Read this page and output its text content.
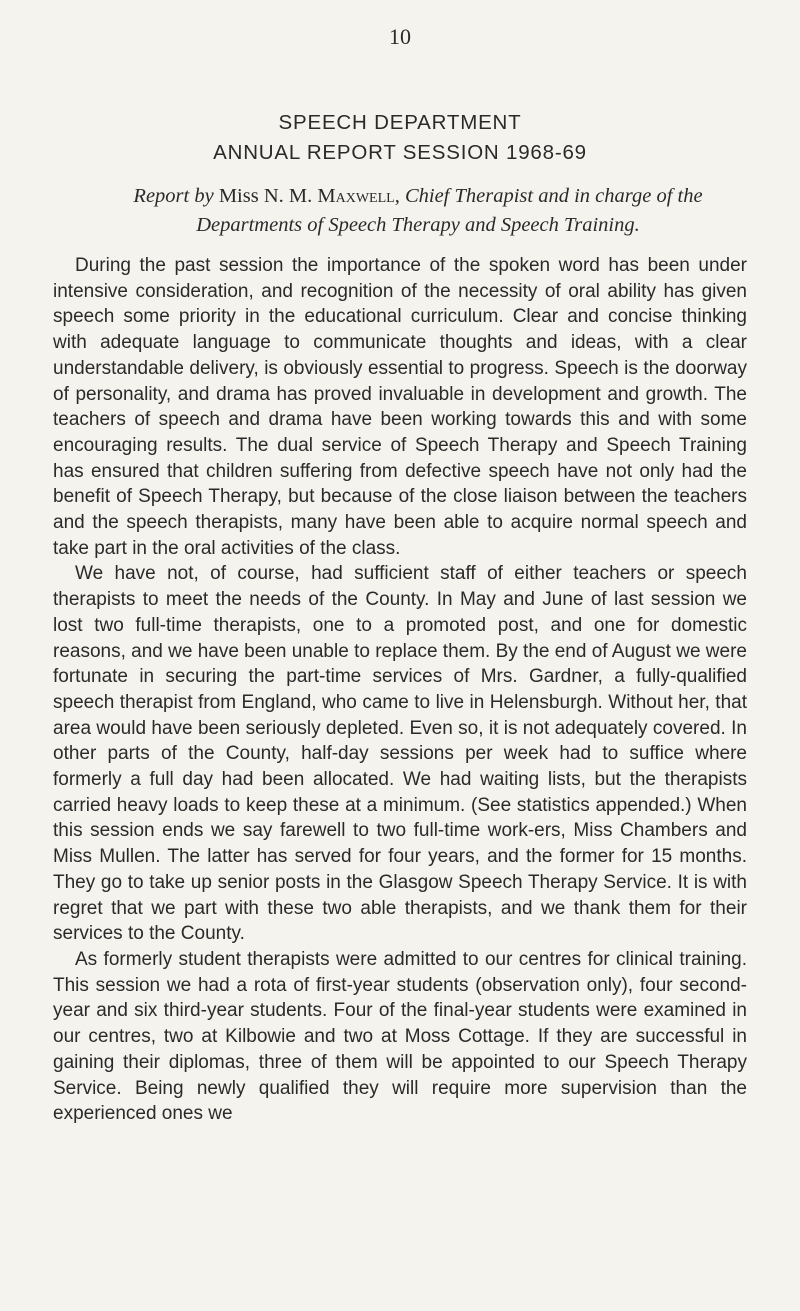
10
SPEECH DEPARTMENT
ANNUAL REPORT SESSION 1968-69
Report by Miss N. M. Maxwell, Chief Therapist and in charge of the
Departments of Speech Therapy and Speech Training.

During the past session the importance of the spoken word has been under intensive consideration, and recognition of the necessity of oral ability has given speech some priority in the educational curriculum. Clear and concise thinking with adequate language to communicate thoughts and ideas, with a clear understandable delivery, is obviously essential to progress. Speech is the doorway of personality, and drama has proved invaluable in development and growth. The teachers of speech and drama have been working towards this and with some encouraging results. The dual service of Speech Therapy and Speech Training has ensured that children suffering from defective speech have not only had the benefit of Speech Therapy, but because of the close liaison between the teachers and the speech therapists, many have been able to acquire normal speech and take part in the oral activities of the class.

We have not, of course, had sufficient staff of either teachers or speech therapists to meet the needs of the County. In May and June of last session we lost two full-time therapists, one to a promoted post, and one for domestic reasons, and we have been unable to replace them. By the end of August we were fortunate in securing the part-time services of Mrs. Gardner, a fully-qualified speech therapist from England, who came to live in Helensburgh. Without her, that area would have been seriously depleted. Even so, it is not adequately covered. In other parts of the County, half-day sessions per week had to suffice where formerly a full day had been allocated. We had waiting lists, but the therapists carried heavy loads to keep these at a minimum. (See statistics appended.) When this session ends we say farewell to two full-time work-ers, Miss Chambers and Miss Mullen. The latter has served for four years, and the former for 15 months. They go to take up senior posts in the Glasgow Speech Therapy Service. It is with regret that we part with these two able therapists, and we thank them for their services to the County.

As formerly student therapists were admitted to our centres for clinical training. This session we had a rota of first-year students (observation only), four second-year and six third-year students. Four of the final-year students were examined in our centres, two at Kilbowie and two at Moss Cottage. If they are successful in gaining their diplomas, three of them will be appointed to our Speech Therapy Service. Being newly qualified they will require more supervision than the experienced ones we
